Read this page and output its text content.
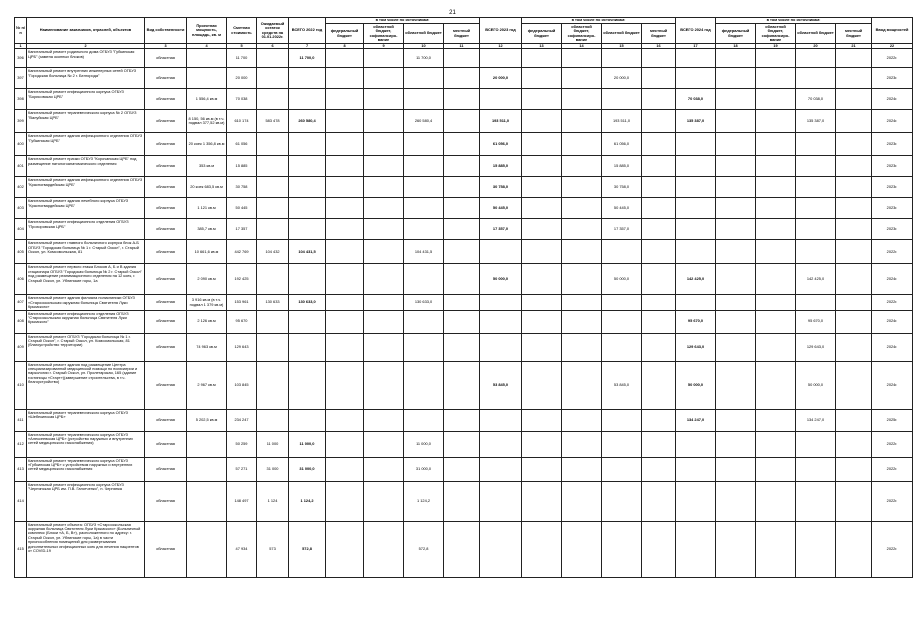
21
№ п/п	Наименование заказчиков, отраслей, объектов	Вид собственности	Проектная мощность, площадь, кв. м	Сметная стоимость	Ожидаемый остаток средств на 01.01.2022г.	ВСЕГО 2022 год	в том числе по источникам:				ВСЕГО 2023 год	в том числе по источникам:				ВСЕГО 2024 год	в том числе по источникам:				Ввод мощностей
							федеральный бюджет	областной бюджет, софинансиро-вание	областной бюджет	местный бюджет		федеральный бюджет	областной бюджет, софинансиро-вание	областной бюджет	местный бюджет		федеральный бюджет	областной бюджет, софинансиро-вание	областной бюджет	местный бюджет	
1	2	3	4	5	6	7	8	9	10	11	12	13	14	15	16	17	18	19	20	21	22
396	Капитальный ремонт родильного дома ОГБУЗ "Губкинская ЦРБ" (замена оконных блоков)	областная		11 700		11 700,0			11 700,0												2022г.
397	Капитальный ремонт внутренних инженерных сетей ОГБУЗ "Городская больница № 2 г. Белгорода"	областная		20 000							20 000,0			20 000,0							2023г.
398	Капитальный ремонт инфекционного корпуса ОГБУЗ "Борисовская ЦРБ"	областная	1 556,4 кв.м	70 038												70 038,0			70 038,0		2024г.
399	Капитальный ремонт терапевтического корпуса № 2 ОГБУЗ "Валуйская ЦРБ"	областная	8 150, 56 кв.м (в т.ч. подвал 377,52 кв.м)	610 174	583 478	260 580,4			260 580,4		193 511,0			193 511,0		135 387,0			135 387,0		2024г.
400	Капитальный ремонт здания инфекционного отделения ОГБУЗ "Губкинская ЦРБ"	областная	20 коек 1 356,8 кв.м	61 056							61 056,0			61 056,0							2023г.
401	Капитальный ремонт прачки ОГБУЗ "Корочанская ЦРБ" под размещение патологоанатомического отделения	областная	353 кв.м	15 885							15 885,0			15 885,0							2023г.
402	Капитальный ремонт здания инфекционного отделения ОГБУЗ "Красногвардейская ЦРБ"	областная	20 коек 683,5 кв.м	30 758							30 758,0			30 758,0							2023г.
403	Капитальный ремонт здания лечебного корпуса ОГБУЗ "Красногвардейская ЦРБ"	областная	1 121 кв.м	50 445							50 445,0			50 445,0							2023г.
404	Капитальный ремонт инфекционного отделения ОГБУЗ "Прохоровская ЦРБ"	областная	385,7 кв.м	17 357							17 357,0			17 357,0							2023г.
405	Капитальный ремонт главного больничного корпуса блок А-Б ОГБУЗ "Городская больница № 1 г. Старый Оскол", г. Старый Оскол, ул. Комсомольская, 81	областная	10 661,6 кв.м	442 769	104 432	104 431,5			104 431,5												2022г.
406	Капитальный ремонт первого этажа Блоков А, Б и В здания стационара ОГБУЗ "Городская больница № 2 г. Старый Оскол" под размещение реанимационного отделения на 12 коек, г. Старый Оскол, ул. Ублинские горы, 1а	областная	2 090 кв.м	192 425							50 000,0			50 000,0		142 425,0			142 425,0		2024г.
407	Капитальный ремонт здания филиала поликлиники ОГБУЗ «Старооскольская окружная больница Святителя Луки Крымского»	областная	3 916 кв.м (в т.ч. подвал 1 379 кв.м)	153 961	130 633	130 633,0			130 633,0												2022г.
408	Капитальный ремонт инфекционного отделения ОГБУЗ "Старооскольская окружная больница Святителя Луки Крымского"	областная	2 126 кв.м	95 670												95 670,0			95 670,0		2024г.
409	Капитальный ремонт ОГБУЗ "Городская больница № 1 г. Старый Оскол", г. Старый Оскол, ул. Комсомольская, 81 (благоустройство территории)	областная	74 963 кв.м	129 643												129 643,0			129 643,0		2024г.
410	Капитальный ремонт здания под размещение Центра специализированной медицинской помощи по психиатрии и наркологии г. Старый Оскол, ул. Пролетарская, 165 (здание гостиницы «Старт»)(завершение строительства, в т.ч. благоустройство)	областная	2 967 кв.м	103 845							53 845,0			53 845,0		50 000,0			50 000,0		2024г.
411	Капитальный ремонт терапевтического корпуса ОГБУЗ «Шебекинская ЦРБ»	областная	5 202,5 кв.м	234 247												134 247,0			134 247,0		2025г.
412	Капитальный ремонт терапевтического корпуса ОГБУЗ «Алексеевская ЦРБ» (устройство наружных и внутренних сетей медицинского газоснабжения)	областная		50 259	11 000	11 000,0			11 000,0												2022г.
413	Капитальный ремонт терапевтического корпуса ОГБУЗ «Губкинская ЦРБ» с устройством наружных и внутренних сетей медицинского газоснабжения	областная		57 271	31 000	31 000,0			31 000,0												2022г.
414	Капитальный ремонт инфекционного корпуса ОГБУЗ "Чернянская ЦРБ им. П.В. Гапотченко", п. Чернянка	областная		148 497	1 124	1 124,2			1 124,2												2022г.
415	Капитальный ремонт объекта: ОГБУЗ «Старооскольская окружная больница Святителя Луки Крымского» (Больничный комплекс (Блоки «А, Б, В»), расположенного по адресу: г. Старый Оскол, ул. Ублинские горы, 1а) в части приспособления помещений для развертывания дополнительных инфекционных коек для лечения пациентов от COVID-19	областная		47 934	573	572,8			572,8												2022г.
